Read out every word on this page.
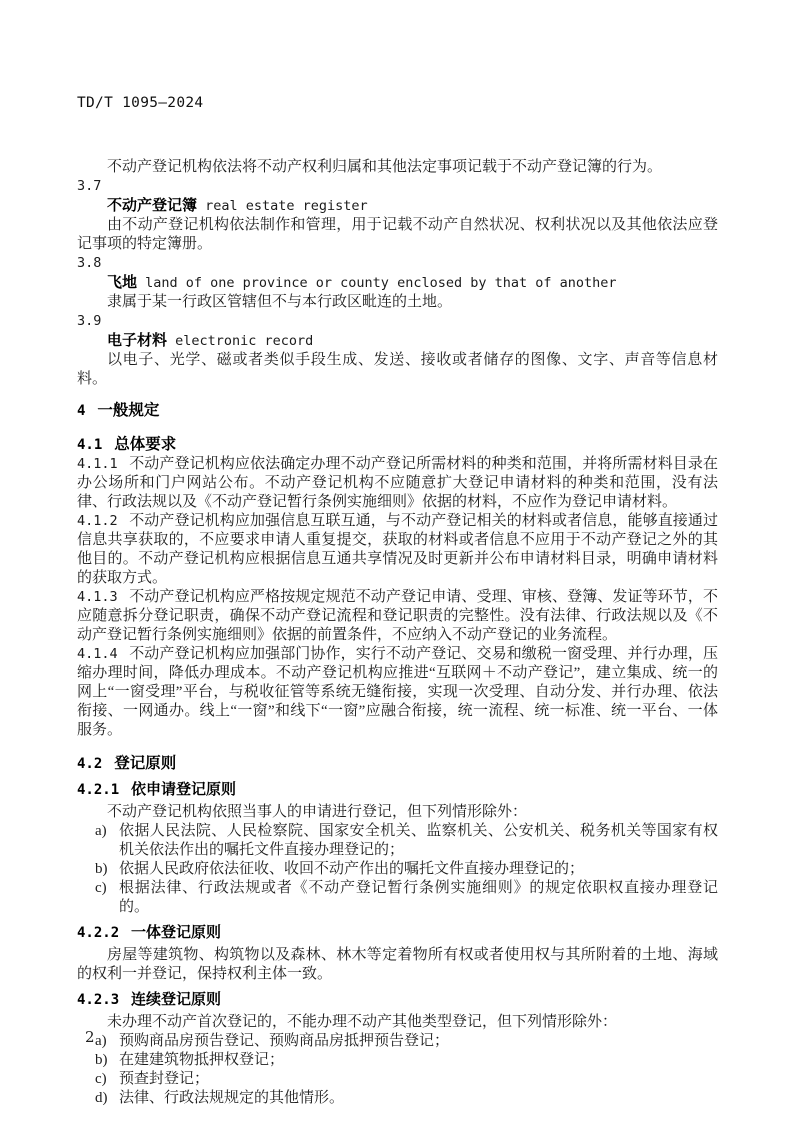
TD/T 1095—2024

不动产登记机构依法将不动产权利归属和其他法定事项记载于不动产登记簿的行为。

3.7
不动产登记簿 real estate register

由不动产登记机构依法制作和管理，用于记载不动产自然状况、权利状况以及其他依法应登记事项的特定簿册。

3.8
飞地 land of one province or county enclosed by that of another

隶属于某一行政区管辖但不与本行政区毗连的土地。

3.9
电子材料 electronic record

以电子、光学、磁或者类似手段生成、发送、接收或者储存的图像、文字、声音等信息材料。

4 一般规定
4.1 总体要求

4.1.1 不动产登记机构应依法确定办理不动产登记所需材料的种类和范围，并将所需材料目录在办公场所和门户网站公布。不动产登记机构不应随意扩大登记申请材料的种类和范围，没有法律、行政法规以及《不动产登记暂行条例实施细则》依据的材料，不应作为登记申请材料。

4.1.2 不动产登记机构应加强信息互联互通，与不动产登记相关的材料或者信息，能够直接通过信息共享获取的，不应要求申请人重复提交，获取的材料或者信息不应用于不动产登记之外的其他目的。不动产登记机构应根据信息互通共享情况及时更新并公布申请材料目录，明确申请材料的获取方式。

4.1.3 不动产登记机构应严格按规定规范不动产登记申请、受理、审核、登簿、发证等环节，不应随意拆分登记职责，确保不动产登记流程和登记职责的完整性。没有法律、行政法规以及《不动产登记暂行条例实施细则》依据的前置条件，不应纳入不动产登记的业务流程。

4.1.4 不动产登记机构应加强部门协作，实行不动产登记、交易和缴税一窗受理、并行办理，压缩办理时间，降低办理成本。不动产登记机构应推进“互联网＋不动产登记”，建立集成、统一的网上“一窗受理”平台，与税收征管等系统无缝衔接，实现一次受理、自动分发、并行办理、依法衔接、一网通办。线上“一窗”和线下“一窗”应融合衔接，统一流程、统一标准、统一平台、一体服务。

4.2 登记原则
4.2.1 依申请登记原则

不动产登记机构依照当事人的申请进行登记，但下列情形除外：

a) 依据人民法院、人民检察院、国家安全机关、监察机关、公安机关、税务机关等国家有权机关依法作出的嘱托文件直接办理登记的；
b) 依据人民政府依法征收、收回不动产作出的嘱托文件直接办理登记的；
c) 根据法律、行政法规或者《不动产登记暂行条例实施细则》的规定依职权直接办理登记的。
4.2.2 一体登记原则

房屋等建筑物、构筑物以及森林、林木等定着物所有权或者使用权与其所附着的土地、海域的权利一并登记，保持权利主体一致。

4.2.3 连续登记原则

未办理不动产首次登记的，不能办理不动产其他类型登记，但下列情形除外：

a) 预购商品房预告登记、预购商品房抵押预告登记；
b) 在建建筑物抵押权登记；
c) 预查封登记；
d) 法律、行政法规规定的其他情形。
2
